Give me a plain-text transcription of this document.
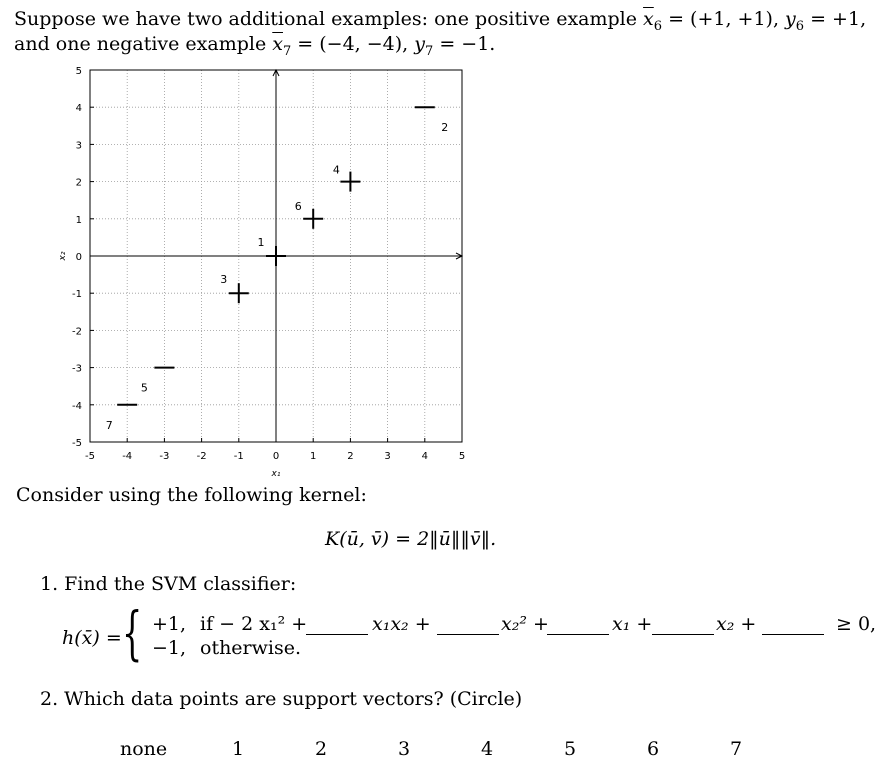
Suppose we have two additional examples: one positive example $\overline{x}_6 = (+1$, +1), $y_6 = +1$,
and one negative example $\overline{x}_7 = (-4$, −4), $y_7 = -1$.
-5
-5
-4
-4
-3
-3
-2
-2
-1
-1
0
0
1
1
2
2
3
3
4
4
5
5
x₁
x₂
1
2
3
4
5
6
7
Consider using the following kernel:
K(ū, v̄) = 2‖ū‖‖v̄‖.
1. Find the SVM classifier:
h(x̄) = { +1, if − 2 x₁² +	x₁x₂ +	x₂² +	x₁ +	x₂ +	≥ 0,
−1, otherwise.
2. Which data points are support vectors? (Circle)
none	1	2	3	4	5	6	7
